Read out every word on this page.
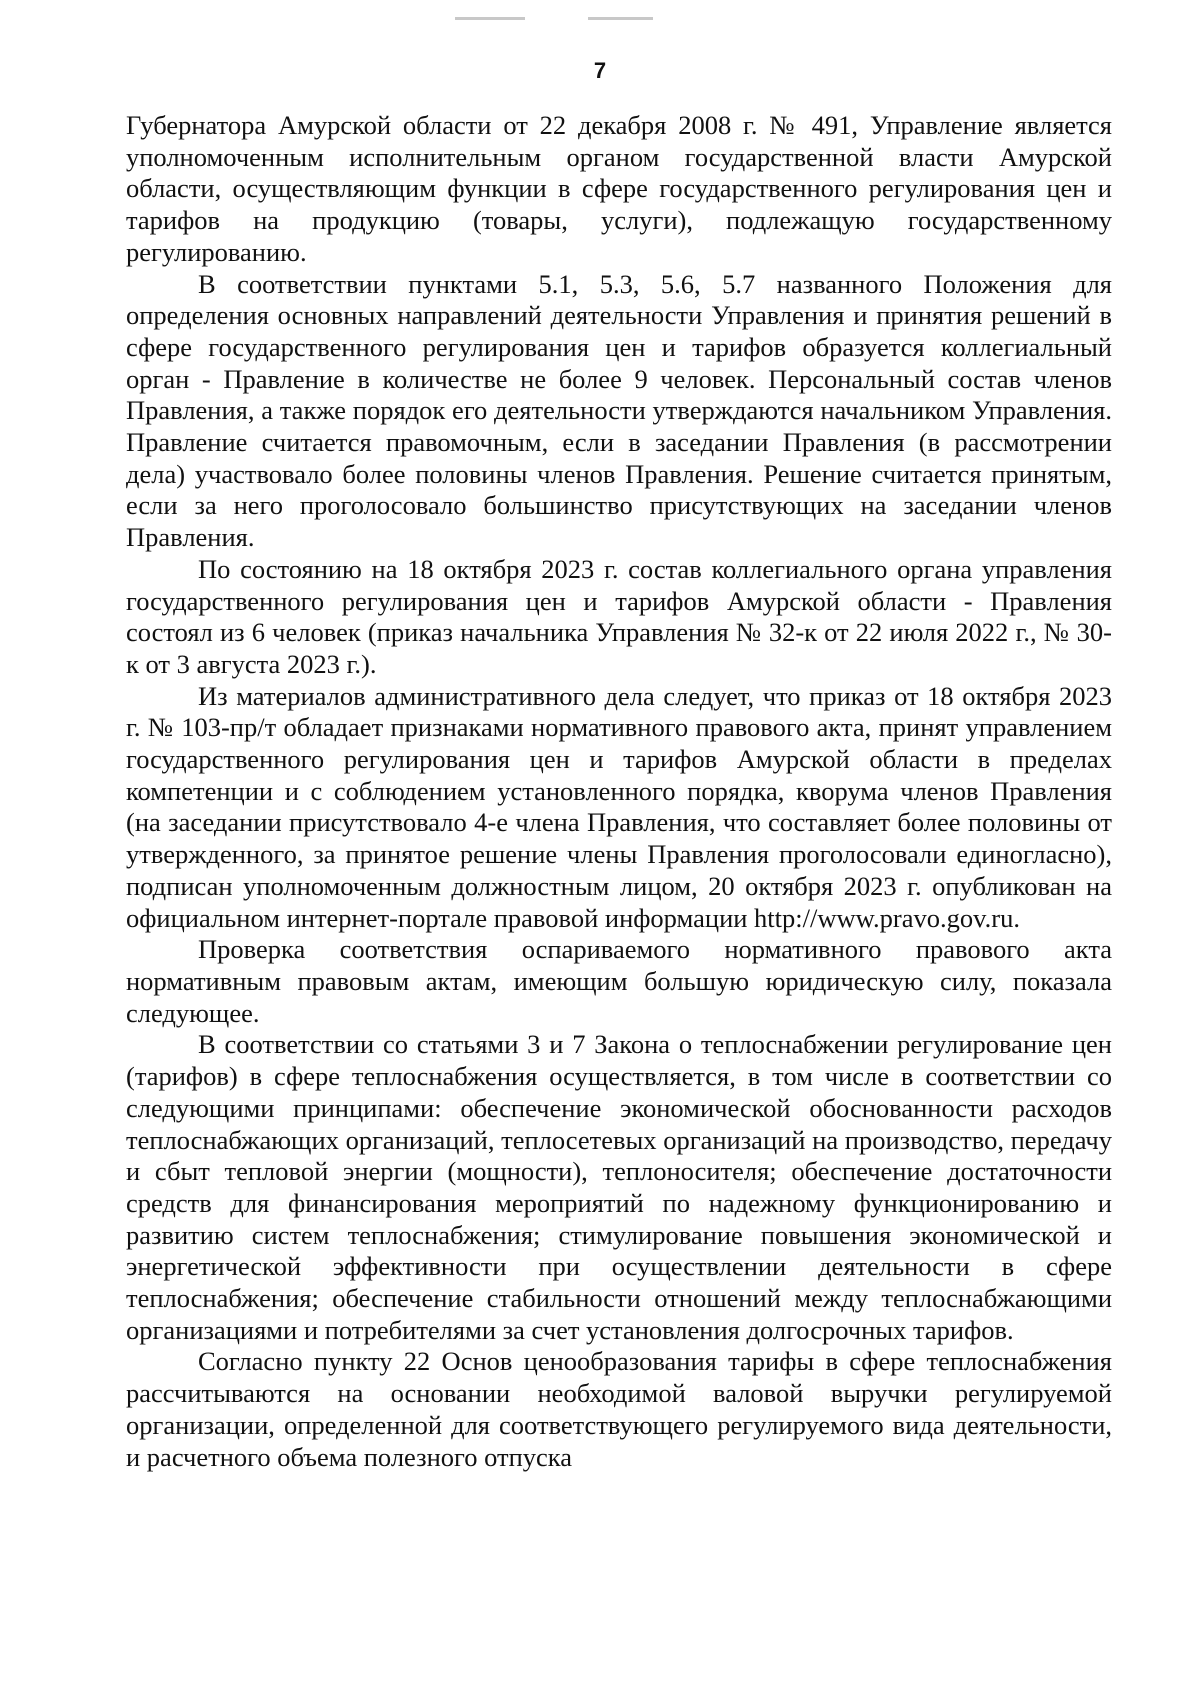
7

Губернатора Амурской области от 22 декабря 2008 г. № 491, Управление является уполномоченным исполнительным органом государственной власти Амурской области, осуществляющим функции в сфере государственного регулирования цен и тарифов на продукцию (товары, услуги), подлежащую государственному регулированию.

В соответствии пунктами 5.1, 5.3, 5.6, 5.7 названного Положения для определения основных направлений деятельности Управления и принятия решений в сфере государственного регулирования цен и тарифов образуется коллегиальный орган - Правление в количестве не более 9 человек. Персональный состав членов Правления, а также порядок его деятельности утверждаются начальником Управления. Правление считается правомочным, если в заседании Правления (в рассмотрении дела) участвовало более половины членов Правления. Решение считается принятым, если за него проголосовало большинство присутствующих на заседании членов Правления.

По состоянию на 18 октября 2023 г. состав коллегиального органа управления государственного регулирования цен и тарифов Амурской области - Правления состоял из 6 человек (приказ начальника Управления № 32-к от 22 июля 2022 г., № 30-к от 3 августа 2023 г.).

Из материалов административного дела следует, что приказ от 18 октября 2023 г. № 103-пр/т обладает признаками нормативного правового акта, принят управлением государственного регулирования цен и тарифов Амурской области в пределах компетенции и с соблюдением установленного порядка, кворума членов Правления (на заседании присутствовало 4-е члена Правления, что составляет более половины от утвержденного, за принятое решение члены Правления проголосовали единогласно), подписан уполномоченным должностным лицом, 20 октября 2023 г. опубликован на официальном интернет-портале правовой информации http://www.pravo.gov.ru.

Проверка соответствия оспариваемого нормативного правового акта нормативным правовым актам, имеющим большую юридическую силу, показала следующее.

В соответствии со статьями 3 и 7 Закона о теплоснабжении регулирование цен (тарифов) в сфере теплоснабжения осуществляется, в том числе в соответствии со следующими принципами: обеспечение экономической обоснованности расходов теплоснабжающих организаций, теплосетевых организаций на производство, передачу и сбыт тепловой энергии (мощности), теплоносителя; обеспечение достаточности средств для финансирования мероприятий по надежному функционированию и развитию систем теплоснабжения; стимулирование повышения экономической и энергетической эффективности при осуществлении деятельности в сфере теплоснабжения; обеспечение стабильности отношений между теплоснабжающими организациями и потребителями за счет установления долгосрочных тарифов.

Согласно пункту 22 Основ ценообразования тарифы в сфере теплоснабжения рассчитываются на основании необходимой валовой выручки регулируемой организации, определенной для соответствующего регулируемого вида деятельности, и расчетного объема полезного отпуска
